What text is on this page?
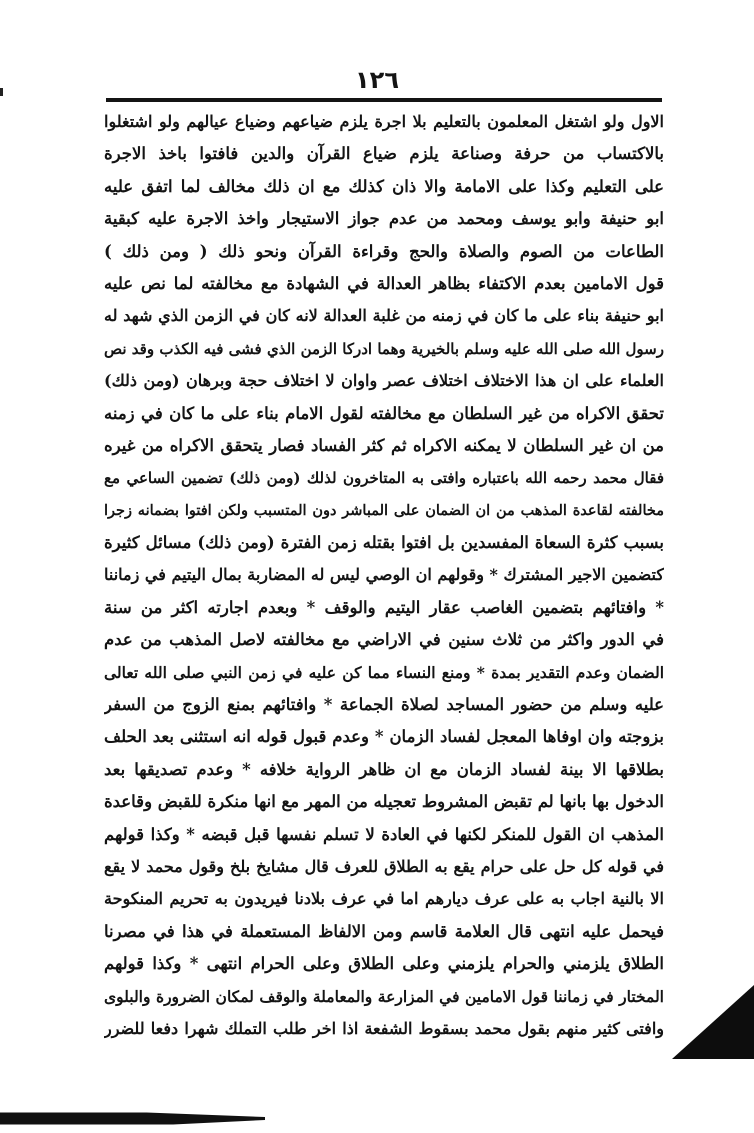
١٢٦
الاول ولو اشتغل المعلمون بالتعليم بلا اجرة يلزم ضياعهم وضياع عيالهم ولو اشتغلوا
بالاكتساب من حرفة وصناعة يلزم ضياع القرآن والدين فافتوا باخذ الاجرة
على التعليم وكذا على الامامة والا ذان كذلك مع ان ذلك مخالف لما اتفق عليه
ابو حنيفة وابو يوسف ومحمد من عدم جواز الاستيجار واخذ الاجرة عليه كبقية
الطاعات من الصوم والصلاة والحج وقراءة القرآن ونحو ذلك ( ومن ذلك )
قول الامامين بعدم الاكتفاء بظاهر العدالة في الشهادة مع مخالفته لما نص عليه
ابو حنيفة بناء على ما كان في زمنه من غلبة العدالة لانه كان في الزمن الذي شهد له
رسول الله صلى الله عليه وسلم بالخيرية وهما ادركا الزمن الذي فشى فيه الكذب وقد نص
العلماء على ان هذا الاختلاف اختلاف عصر واوان لا اختلاف حجة وبرهان (ومن ذلك)
تحقق الاكراه من غير السلطان مع مخالفته لقول الامام بناء على ما كان في زمنه
من ان غير السلطان لا يمكنه الاكراه ثم كثر الفساد فصار يتحقق الاكراه من غيره
فقال محمد رحمه الله باعتباره وافتى به المتاخرون لذلك (ومن ذلك) تضمين الساعي مع
مخالفته لقاعدة المذهب من ان الضمان على المباشر دون المتسبب ولكن افتوا بضمانه زجرا
بسبب كثرة السعاة المفسدين بل افتوا بقتله زمن الفترة (ومن ذلك) مسائل كثيرة
كتضمين الاجير المشترك * وقولهم ان الوصي ليس له المضاربة بمال اليتيم في زماننا
* وافتائهم بتضمين الغاصب عقار اليتيم والوقف * وبعدم اجارته اكثر من سنة
في الدور واكثر من ثلاث سنين في الاراضي مع مخالفته لاصل المذهب من عدم
الضمان وعدم التقدير بمدة * ومنع النساء مما كن عليه في زمن النبي صلى الله تعالى
عليه وسلم من حضور المساجد لصلاة الجماعة * وافتائهم بمنع الزوج من السفر
بزوجته وان اوفاها المعجل لفساد الزمان * وعدم قبول قوله انه استثنى بعد الحلف
بطلاقها الا بينة لفساد الزمان مع ان ظاهر الرواية خلافه * وعدم تصديقها بعد
الدخول بها بانها لم تقبض المشروط تعجيله من المهر مع انها منكرة للقبض وقاعدة
المذهب ان القول للمنكر لكنها في العادة لا تسلم نفسها قبل قبضه * وكذا قولهم
في قوله كل حل على حرام يقع به الطلاق للعرف قال مشايخ بلخ وقول محمد لا يقع
الا بالنية اجاب به على عرف ديارهم اما في عرف بلادنا فيريدون به تحريم المنكوحة
فيحمل عليه انتهى قال العلامة قاسم ومن الالفاظ المستعملة في هذا في مصرنا
الطلاق يلزمني والحرام يلزمني وعلى الطلاق وعلى الحرام انتهى * وكذا قولهم
المختار في زماننا قول الامامين في المزارعة والمعاملة والوقف لمكان الضرورة والبلوى
وافتى كثير منهم بقول محمد بسقوط الشفعة اذا اخر طلب التملك شهرا دفعا للضرر
